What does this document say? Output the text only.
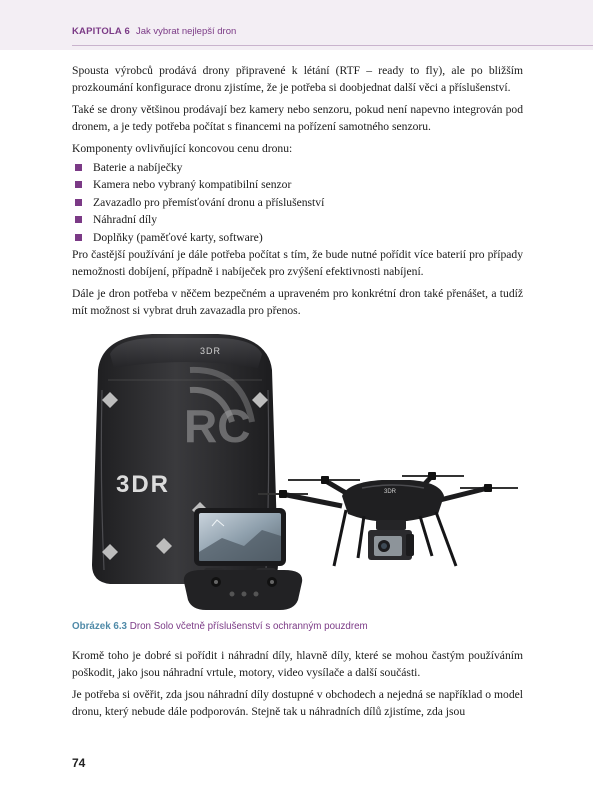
KAPITOLA 6 Jak vybrat nejlepší dron

Spousta výrobců prodává drony připravené k létání (RTF – ready to fly), ale po bližším prozkoumání konfigurace dronu zjistíme, že je potřeba si doobjednat další věci a příslušenství.

Také se drony většinou prodávají bez kamery nebo senzoru, pokud není napevno integrován pod dronem, a je tedy potřeba počítat s financemi na pořízení samotného senzoru.

Komponenty ovlivňující koncovou cenu dronu:

Baterie a nabíječky
Kamera nebo vybraný kompatibilní senzor
Zavazadlo pro přemísťování dronu a příslušenství
Náhradní díly
Doplňky (paměťové karty, software)

Pro častější používání je dále potřeba počítat s tím, že bude nutné pořídit více baterií pro případy nemožnosti dobíjení, případně i nabíječek pro zvýšení efektivnosti nabíjení.

Dále je dron potřeba v něčem bezpečném a upraveném pro konkrétní dron také přenášet, a tudíž mít možnost si vybrat druh zavazadla pro přenos.

3DR
3DR
RC
3DR
Obrázek 6.3 Dron Solo včetně příslušenství s ochranným pouzdrem

Kromě toho je dobré si pořídit i náhradní díly, hlavně díly, které se mohou častým používáním poškodit, jako jsou náhradní vrtule, motory, video vysílače a další součásti.

Je potřeba si ověřit, zda jsou náhradní díly dostupné v obchodech a nejedná se například o model dronu, který nebude dále podporován. Stejně tak u náhradních dílů zjistíme, zda jsou

74
